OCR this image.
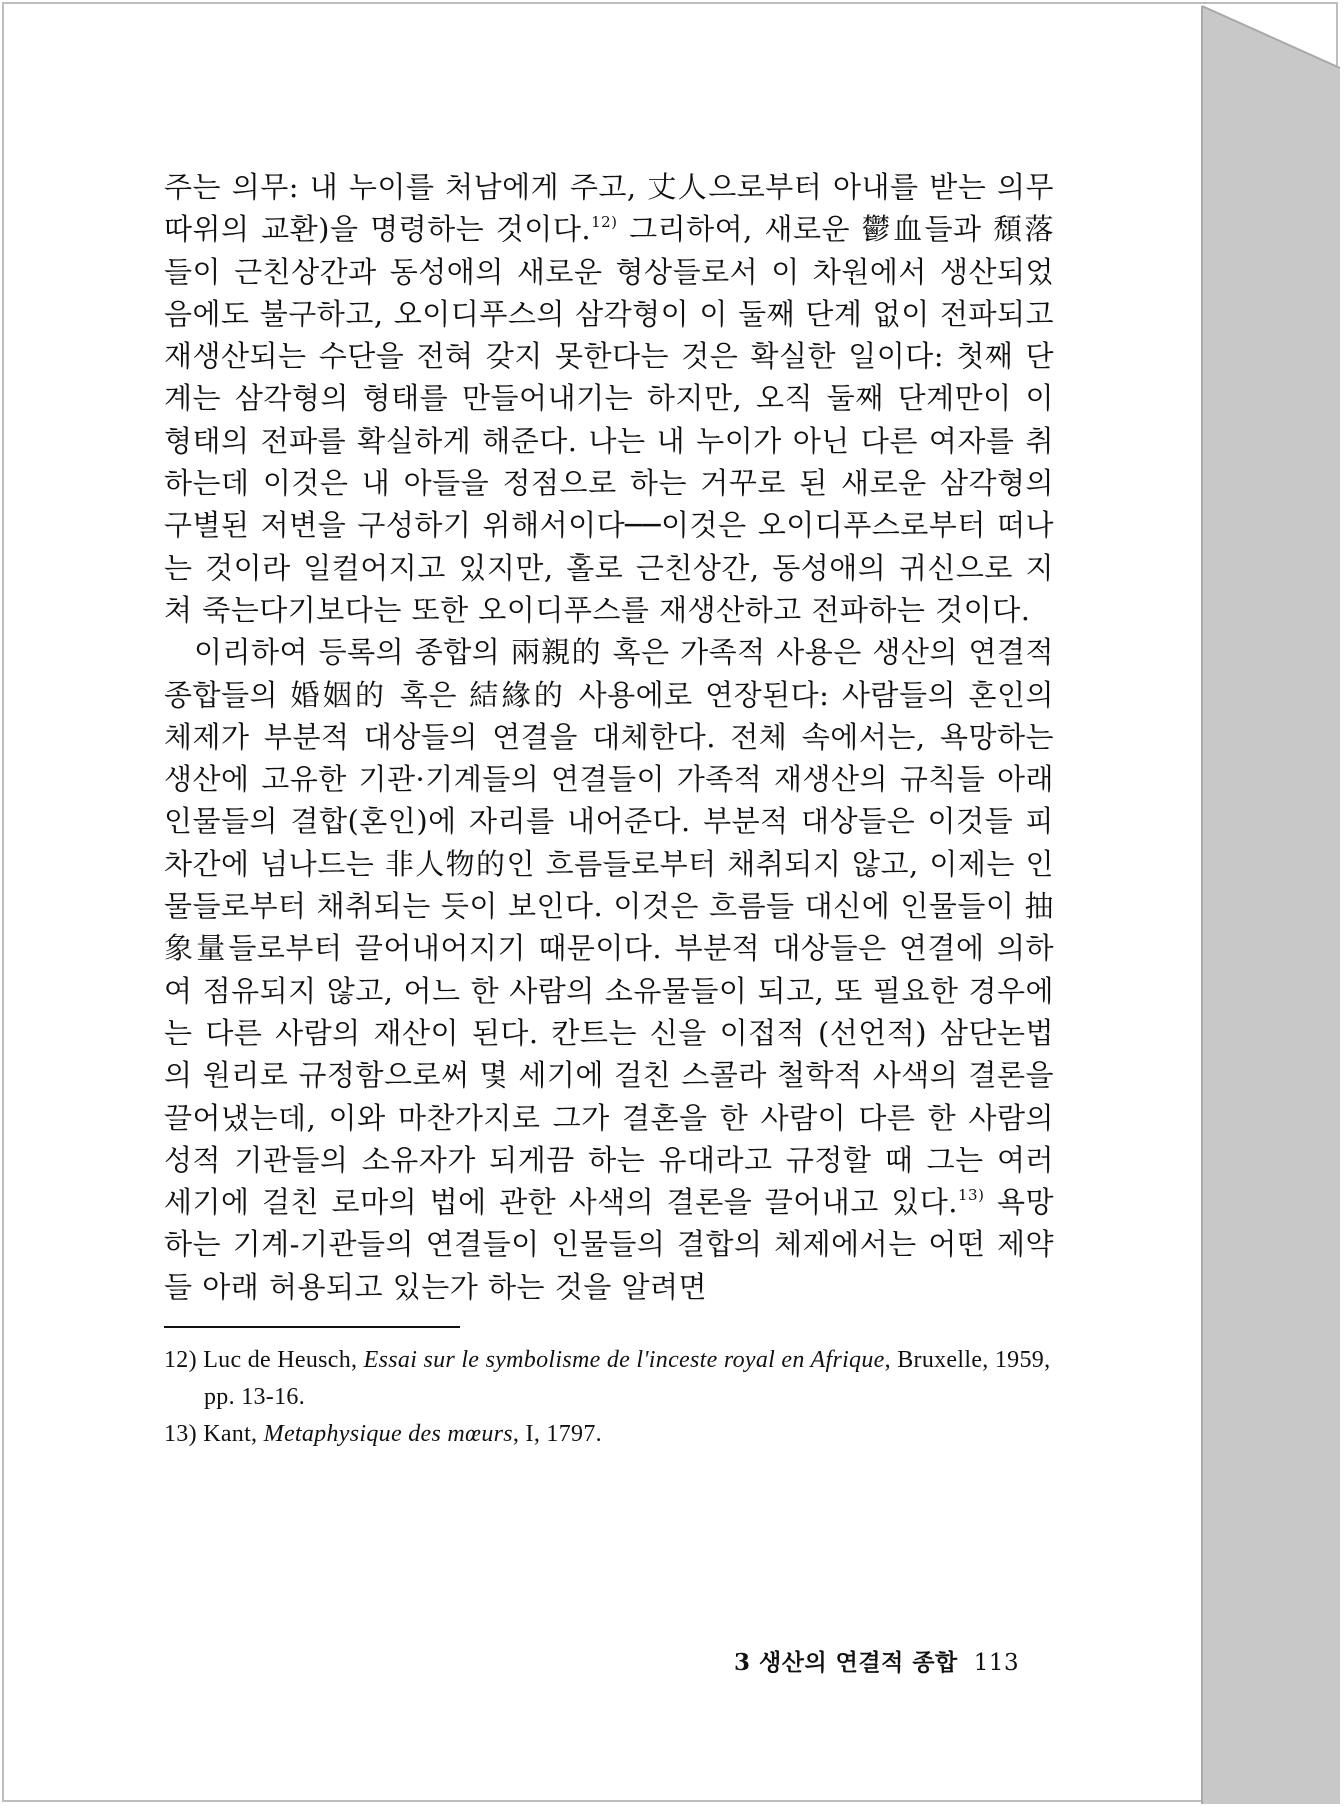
주는 의무: 내 누이를 처남에게 주고, 丈人으로부터 아내를 받는 의무 따위의 교환)을 명령하는 것이다.$^{12)}$ 그리하여, 새로운 鬱血들과 頹落들이 근친상간과 동성애의 새로운 형상들로서 이 차원에서 생산되었음에도 불구하고, 오이디푸스의 삼각형이 이 둘째 단계 없이 전파되고 재생산되는 수단을 전혀 갖지 못한다는 것은 확실한 일이다: 첫째 단계는 삼각형의 형태를 만들어내기는 하지만, 오직 둘째 단계만이 이 형태의 전파를 확실하게 해준다. 나는 내 누이가 아닌 다른 여자를 취하는데 이것은 내 아들을 정점으로 하는 거꾸로 된 새로운 삼각형의 구별된 저변을 구성하기 위해서이다──이것은 오이디푸스로부터 떠나는 것이라 일컬어지고 있지만, 홀로 근친상간, 동성애의 귀신으로 지쳐 죽는다기보다는 또한 오이디푸스를 재생산하고 전파하는 것이다.

이리하여 등록의 종합의 兩親的 혹은 가족적 사용은 생산의 연결적 종합들의 婚姻的 혹은 結緣的 사용에로 연장된다: 사람들의 혼인의 체제가 부분적 대상들의 연결을 대체한다. 전체 속에서는, 욕망하는 생산에 고유한 기관·기계들의 연결들이 가족적 재생산의 규칙들 아래 인물들의 결합(혼인)에 자리를 내어준다. 부분적 대상들은 이것들 피차간에 넘나드는 非人物的인 흐름들로부터 채취되지 않고, 이제는 인물들로부터 채취되는 듯이 보인다. 이것은 흐름들 대신에 인물들이 抽象量들로부터 끌어내어지기 때문이다. 부분적 대상들은 연결에 의하여 점유되지 않고, 어느 한 사람의 소유물들이 되고, 또 필요한 경우에는 다른 사람의 재산이 된다. 칸트는 신을 이접적 (선언적) 삼단논법의 원리로 규정함으로써 몇 세기에 걸친 스콜라 철학적 사색의 결론을 끌어냈는데, 이와 마찬가지로 그가 결혼을 한 사람이 다른 한 사람의 성적 기관들의 소유자가 되게끔 하는 유대라고 규정할 때 그는 여러 세기에 걸친 로마의 법에 관한 사색의 결론을 끌어내고 있다.$^{13)}$ 욕망하는 기계-기관들의 연결들이 인물들의 결합의 체제에서는 어떤 제약들 아래 허용되고 있는가 하는 것을 알려면

12) Luc de Heusch, Essai sur le symbolisme de l'inceste royal en Afrique, Bruxelle, 1959, pp. 13-16.

13) Kant, Metaphysique des mœurs, I, 1797.

3 생산의 연결적 종합 113
